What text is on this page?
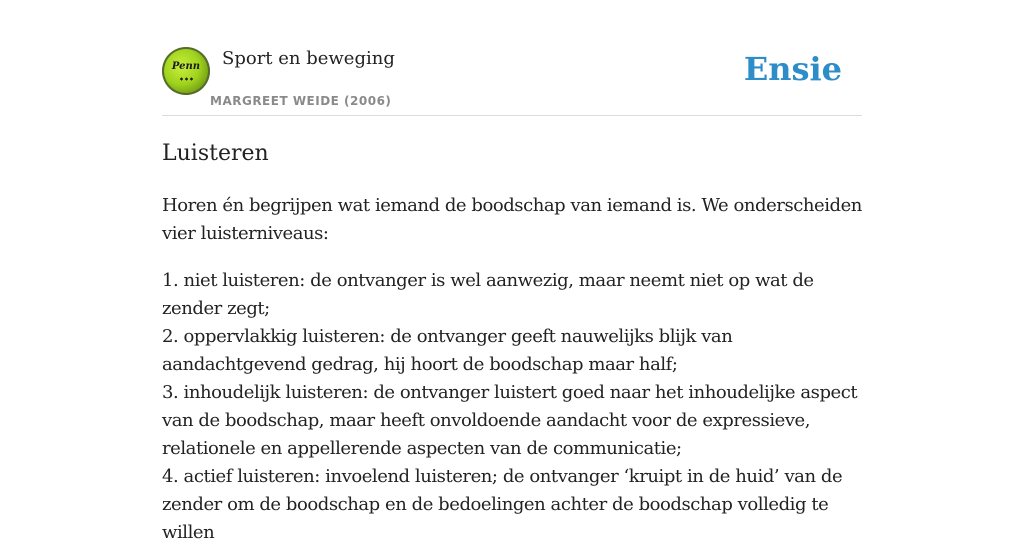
Penn Sport en beweging
MARGREET WEIDE (2006)
Ensie
Luisteren

Horen én begrijpen wat iemand de boodschap van iemand is. We onderscheiden vier luisterniveaus:

1. niet luisteren: de ontvanger is wel aanwezig, maar neemt niet op wat de zender zegt;

2. oppervlakkig luisteren: de ontvanger geeft nauwelijks blijk van aandachtgevend gedrag, hij hoort de boodschap maar half;

3. inhoudelijk luisteren: de ontvanger luistert goed naar het inhoudelijke aspect van de boodschap, maar heeft onvoldoende aandacht voor de expressieve, relationele en appellerende aspecten van de communicatie;

4. actief luisteren: invoelend luisteren; de ontvanger ‘kruipt in de huid’ van de zender om de boodschap en de bedoelingen achter de boodschap volledig te willen
